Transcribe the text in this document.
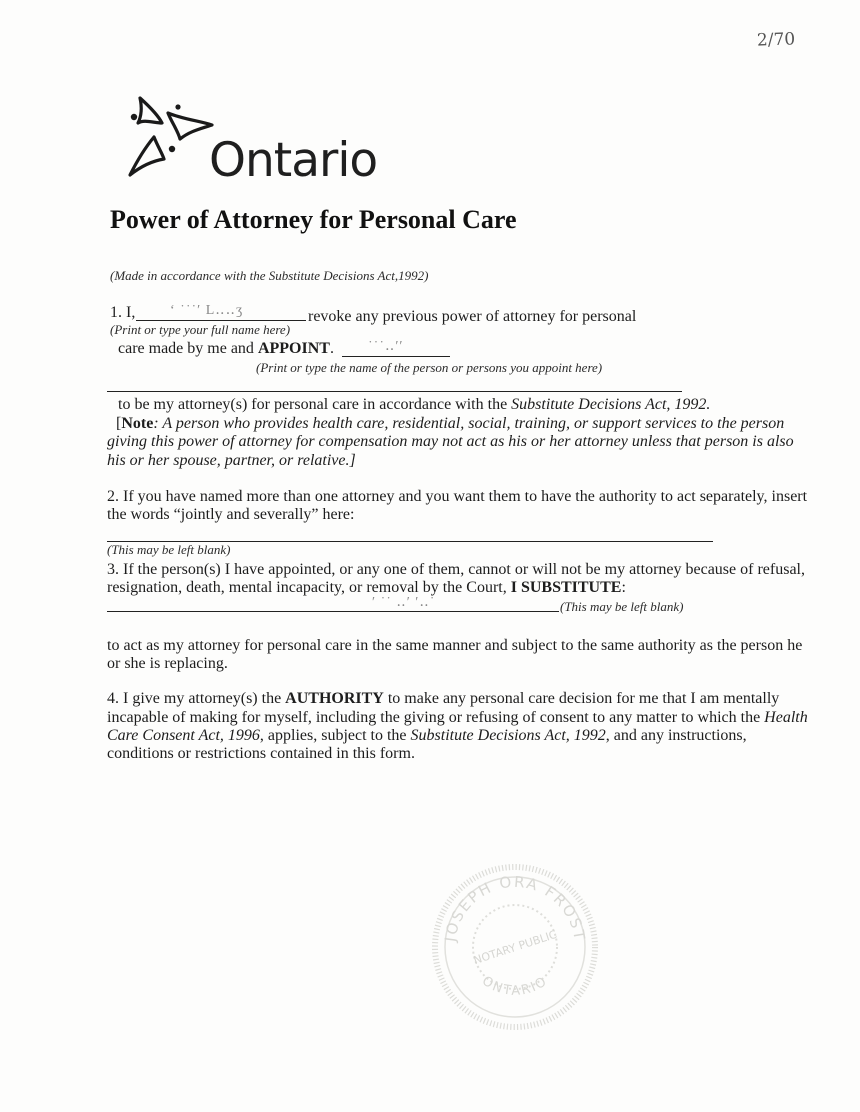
2/70
Ontario
Power of Attorney for Personal Care
(Made in accordance with the Substitute Decisions Act,1992)
1. I, ‘ ˙˙˙′ L‥‥ʒ	revoke any previous power of attorney for personal
(Print or type your full name here)
care made by me and APPOINT. ˙˙˙‥′′
(Print or type the name of the person or persons you appoint here)
to be my attorney(s) for personal care in accordance with the Substitute Decisions Act, 1992.
[Note: A person who provides health care, residential, social, training, or support services to the person
giving this power of attorney for compensation may not act as his or her attorney unless that person is also
his or her spouse, partner, or relative.]
2. If you have named more than one attorney and you want them to have the authority to act separately, insert
the words “jointly and severally” here:
(This may be left blank)
3. If the person(s) I have appointed, or any one of them, cannot or will not be my attorney because of refusal,
resignation, death, mental incapacity, or removal by the Court, I SUBSTITUTE:
′ ˙˙ ‥′ ′‥˙	(This may be left blank)
to act as my attorney for personal care in the same manner and subject to the same authority as the person he
or she is replacing.
4. I give my attorney(s) the AUTHORITY to make any personal care decision for me that I am mentally
incapable of making for myself, including the giving or refusing of consent to any matter to which the Health
Care Consent Act, 1996, applies, subject to the Substitute Decisions Act, 1992, and any instructions,
conditions or restrictions contained in this form.
JOSEPH ORA FROST
ONTARIO
NOTARY PUBLIC
